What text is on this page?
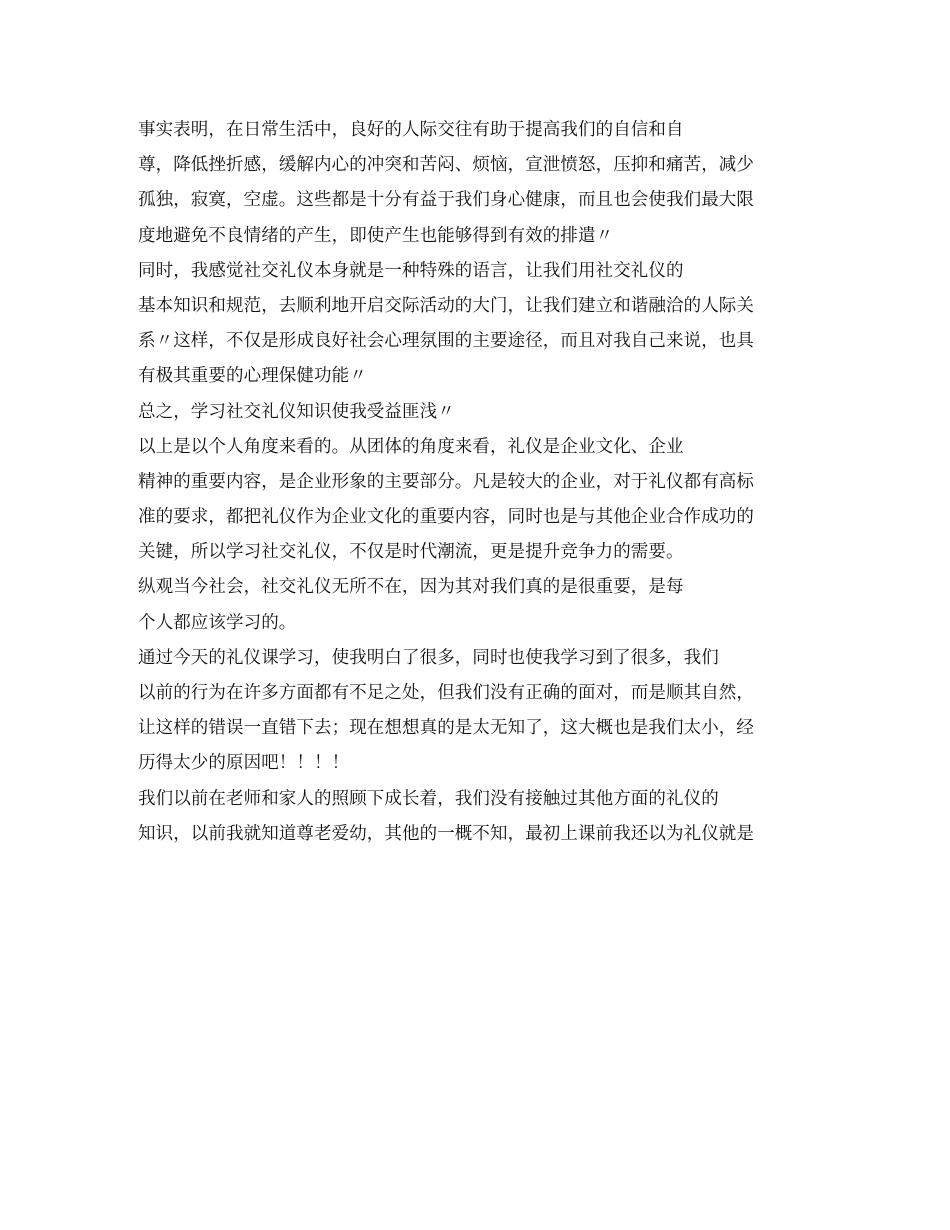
事实表明，在日常生活中，良好的人际交往有助于提高我们的自信和自
尊，降低挫折感，缓解内心的冲突和苦闷、烦恼，宣泄愤怒，压抑和痛苦，减少
孤独，寂寞，空虚。这些都是十分有益于我们身心健康，而且也会使我们最大限
度地避免不良情绪的产生，即使产生也能够得到有效的排遣〃
同时，我感觉社交礼仪本身就是一种特殊的语言，让我们用社交礼仪的
基本知识和规范，去顺利地开启交际活动的大门，让我们建立和谐融洽的人际关
系〃这样，不仅是形成良好社会心理氛围的主要途径，而且对我自己来说，也具
有极其重要的心理保健功能〃
总之，学习社交礼仪知识使我受益匪浅〃
以上是以个人角度来看的。从团体的角度来看，礼仪是企业文化、企业
精神的重要内容，是企业形象的主要部分。凡是较大的企业，对于礼仪都有高标
准的要求，都把礼仪作为企业文化的重要内容，同时也是与其他企业合作成功的
关键，所以学习社交礼仪，不仅是时代潮流，更是提升竞争力的需要。
纵观当今社会，社交礼仪无所不在，因为其对我们真的是很重要，是每
个人都应该学习的。
通过今天的礼仪课学习，使我明白了很多，同时也使我学习到了很多，我们
以前的行为在许多方面都有不足之处，但我们没有正确的面对，而是顺其自然，
让这样的错误一直错下去；现在想想真的是太无知了，这大概也是我们太小，经
历得太少的原因吧！！！！
我们以前在老师和家人的照顾下成长着，我们没有接触过其他方面的礼仪的
知识，以前我就知道尊老爱幼，其他的一概不知，最初上课前我还以为礼仪就是
